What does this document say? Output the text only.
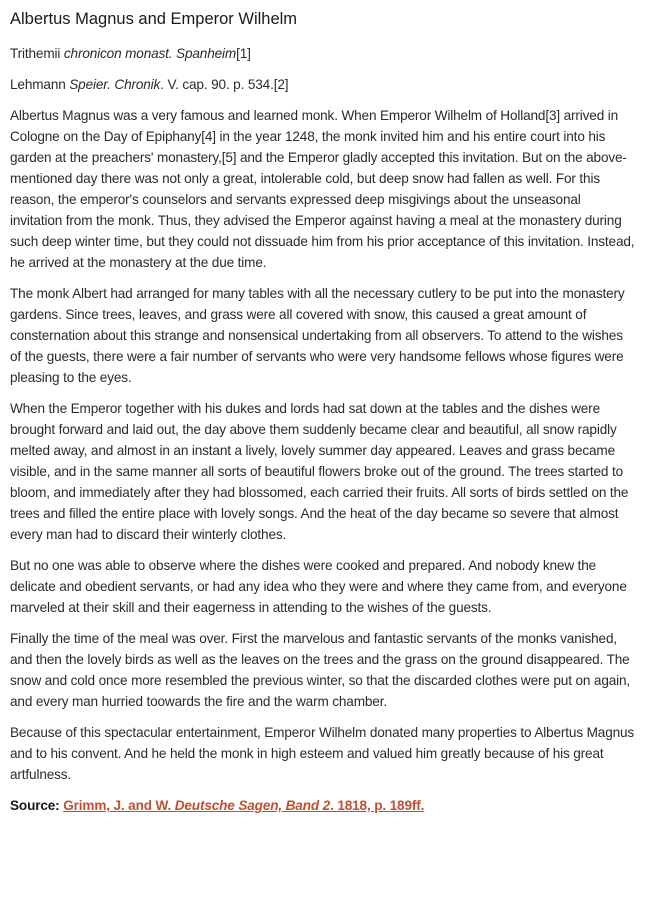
Albertus Magnus and Emperor Wilhelm

Trithemii chronicon monast. Spanheim[1]

Lehmann Speier. Chronik. V. cap. 90. p. 534.[2]

Albertus Magnus was a very famous and learned monk. When Emperor Wilhelm of Holland[3] arrived in Cologne on the Day of Epiphany[4] in the year 1248, the monk invited him and his entire court into his garden at the preachers' monastery,[5] and the Emperor gladly accepted this invitation. But on the above-mentioned day there was not only a great, intolerable cold, but deep snow had fallen as well. For this reason, the emperor's counselors and servants expressed deep misgivings about the unseasonal invitation from the monk. Thus, they advised the Emperor against having a meal at the monastery during such deep winter time, but they could not dissuade him from his prior acceptance of this invitation. Instead, he arrived at the monastery at the due time.

The monk Albert had arranged for many tables with all the necessary cutlery to be put into the monastery gardens. Since trees, leaves, and grass were all covered with snow, this caused a great amount of consternation about this strange and nonsensical undertaking from all observers. To attend to the wishes of the guests, there were a fair number of servants who were very handsome fellows whose figures were pleasing to the eyes.

When the Emperor together with his dukes and lords had sat down at the tables and the dishes were brought forward and laid out, the day above them suddenly became clear and beautiful, all snow rapidly melted away, and almost in an instant a lively, lovely summer day appeared. Leaves and grass became visible, and in the same manner all sorts of beautiful flowers broke out of the ground. The trees started to bloom, and immediately after they had blossomed, each carried their fruits. All sorts of birds settled on the trees and filled the entire place with lovely songs. And the heat of the day became so severe that almost every man had to discard their winterly clothes.

But no one was able to observe where the dishes were cooked and prepared. And nobody knew the delicate and obedient servants, or had any idea who they were and where they came from, and everyone marveled at their skill and their eagerness in attending to the wishes of the guests.

Finally the time of the meal was over. First the marvelous and fantastic servants of the monks vanished, and then the lovely birds as well as the leaves on the trees and the grass on the ground disappeared. The snow and cold once more resembled the previous winter, so that the discarded clothes were put on again, and every man hurried toowards the fire and the warm chamber.

Because of this spectacular entertainment, Emperor Wilhelm donated many properties to Albertus Magnus and to his convent. And he held the monk in high esteem and valued him greatly because of his great artfulness.

Source: Grimm, J. and W. Deutsche Sagen, Band 2. 1818, p. 189ff.
